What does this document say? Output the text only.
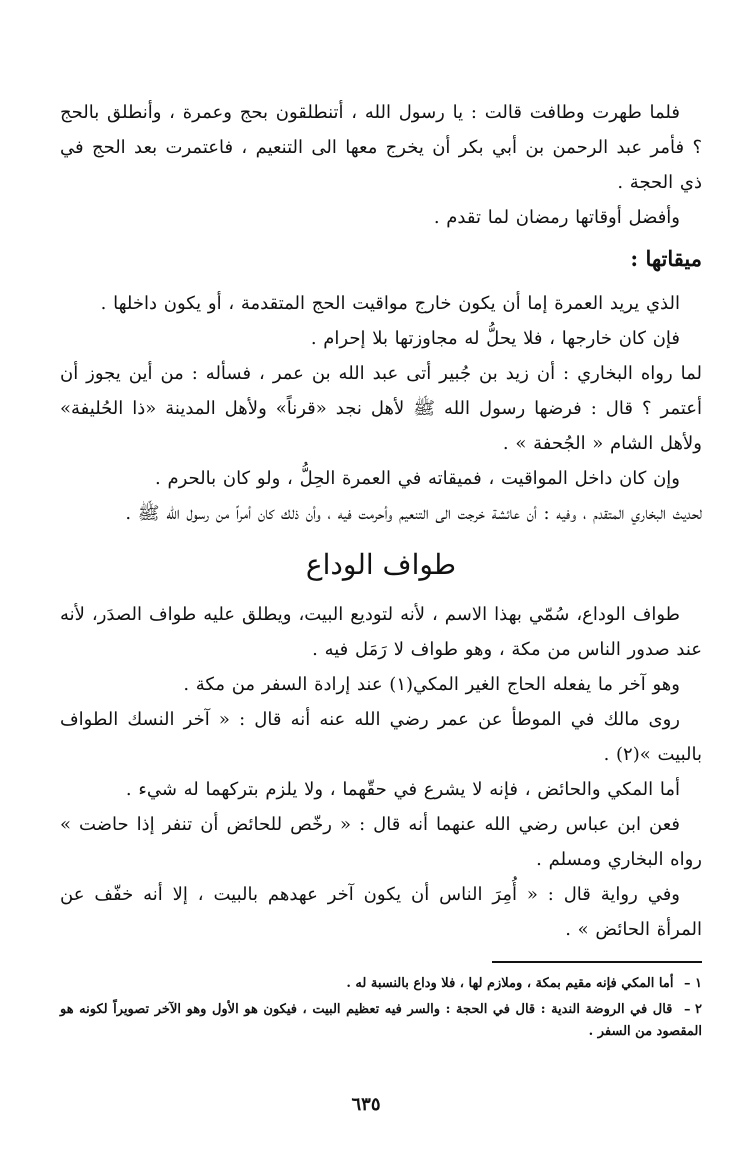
فلما طهرت وطافت قالت : يا رسول الله ، أتنطلقون بحج وعمرة ، وأنطلق بالحج ؟ فأمر عبد الرحمن بن أبي بكر أن يخرج معها الى التنعيم ، فاعتمرت بعد الحج في ذي الحجة .

وأفضل أوقاتها رمضان لما تقدم .

ميقاتها :

الذي يريد العمرة إما أن يكون خارج مواقيت الحج المتقدمة ، أو يكون داخلها .

فإن كان خارجها ، فلا يحلُّ له مجاوزتها بلا إحرام .

لما رواه البخاري : أن زيد بن جُبير أتى عبد الله بن عمر ، فسأله : من أين يجوز أن أعتمر ؟ قال : فرضها رسول الله ﷺ لأهل نجد «قرناً» ولأهل المدينة «ذا الحُليفة» ولأهل الشام « الجُحفة » .

وإن كان داخل المواقيت ، فميقاته في العمرة الحِلُّ ، ولو كان بالحرم .

لحديث البخاري المتقدم ، وفيه : أن عائشة خرجت الى التنعيم وأحرمت فيه ، وأن ذلك كان أمراً من رسول الله ﷺ .

طواف الوداع

طواف الوداع، سُمّي بهذا الاسم ، لأنه لتوديع البيت، ويطلق عليه طواف الصدَر، لأنه عند صدور الناس من مكة ، وهو طواف لا رَمَل فيه .

وهو آخر ما يفعله الحاج الغير المكي(١) عند إرادة السفر من مكة .

روى مالك في الموطأ عن عمر رضي الله عنه أنه قال : « آخر النسك الطواف بالبيت »(٢) .

أما المكي والحائض ، فإنه لا يشرع في حقّهما ، ولا يلزم بتركهما له شيء .

فعن ابن عباس رضي الله عنهما أنه قال : « رخّص للحائض أن تنفر إذا حاضت » رواه البخاري ومسلم .

وفي رواية قال : « أُمِرَ الناس أن يكون آخر عهدهم بالبيت ، إلا أنه خفّف عن المرأة الحائض » .

١ – أما المكي فإنه مقيم بمكة ، وملازم لها ، فلا وداع بالنسبة له .

٢ – قال في الروضة الندية : قال في الحجة : والسر فيه تعظيم البيت ، فيكون هو الأول وهو الآخر تصويراً لكونه هو المقصود من السفر .

٦٣٥
